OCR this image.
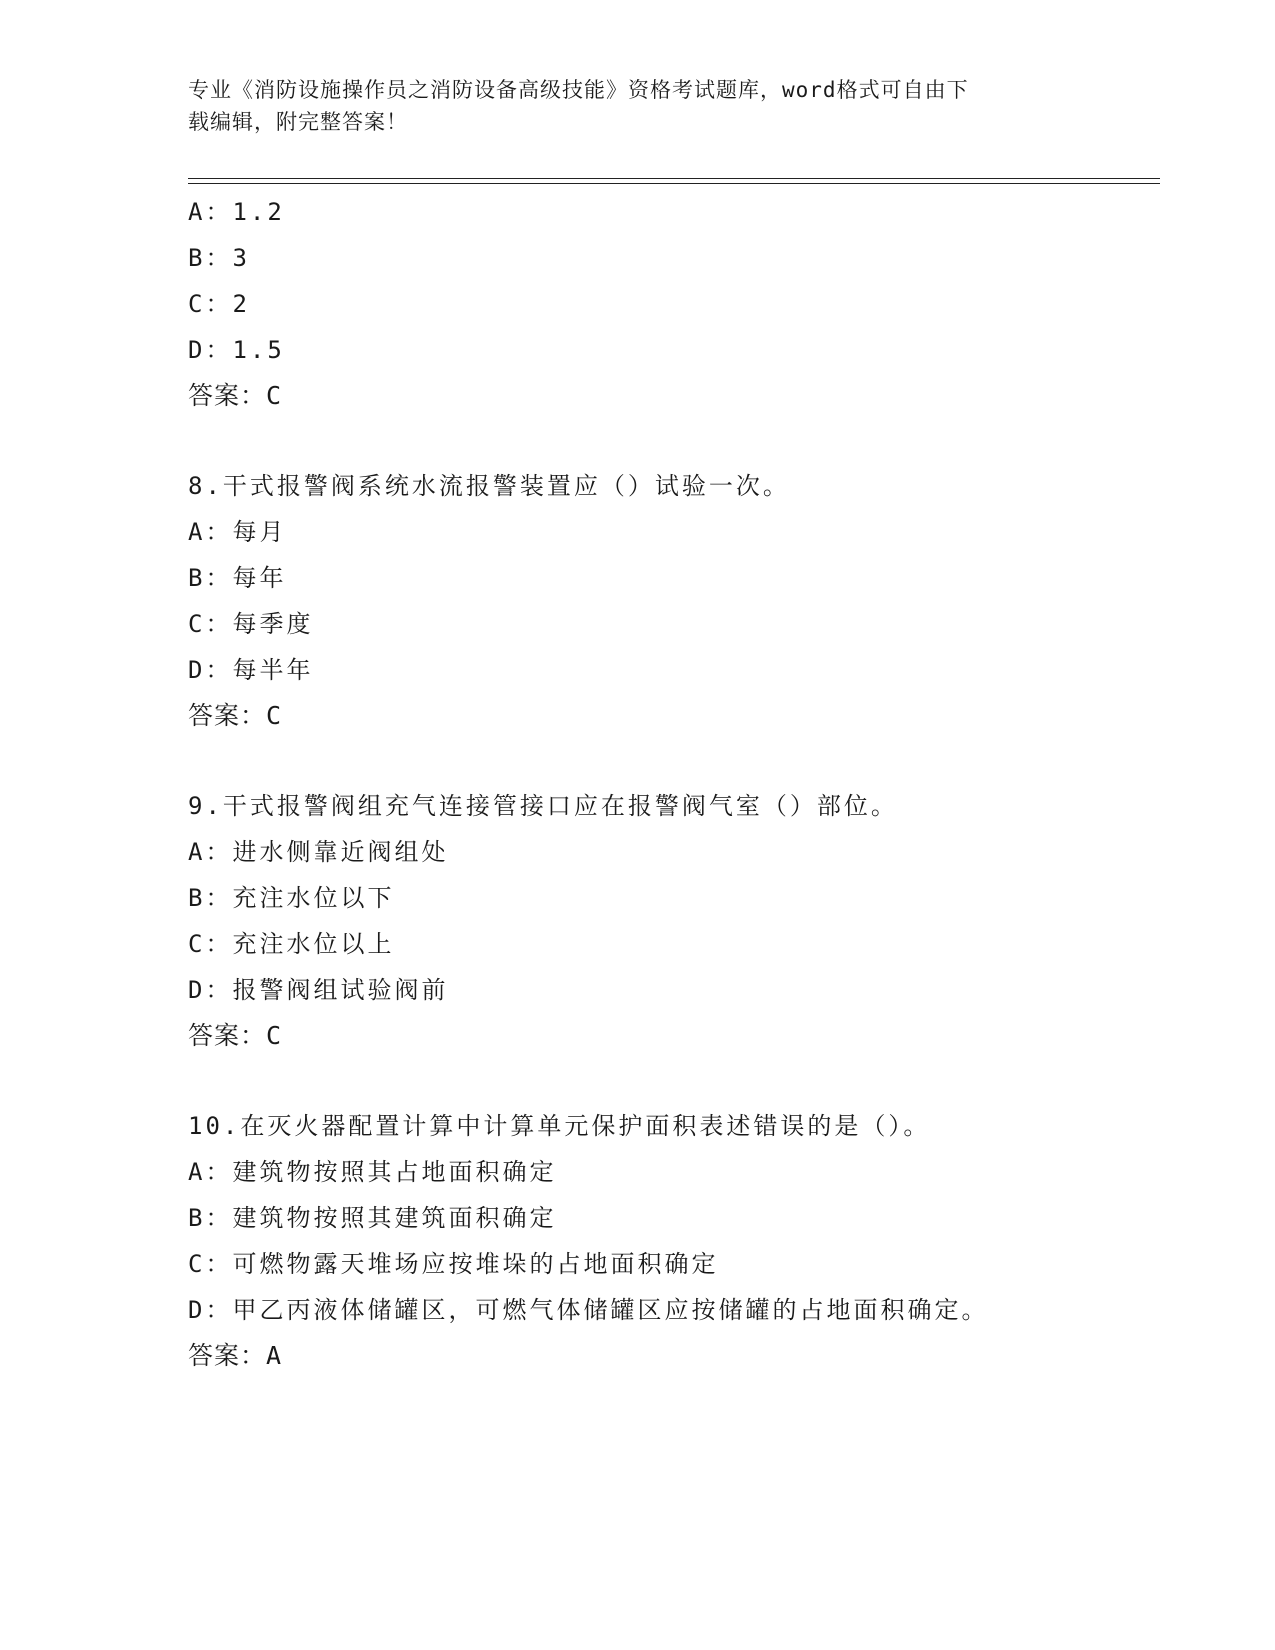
专业《消防设施操作员之消防设备高级技能》资格考试题库，word格式可自由下
载编辑，附完整答案！
A：1.2
B：3
C：2
D：1.5
答案：C
8.干式报警阀系统水流报警装置应（）试验一次。
A：每月
B：每年
C：每季度
D：每半年
答案：C
9.干式报警阀组充气连接管接口应在报警阀气室（）部位。
A：进水侧靠近阀组处
B：充注水位以下
C：充注水位以上
D：报警阀组试验阀前
答案：C
10.在灭火器配置计算中计算单元保护面积表述错误的是（）。
A：建筑物按照其占地面积确定
B：建筑物按照其建筑面积确定
C：可燃物露天堆场应按堆垛的占地面积确定
D：甲乙丙液体储罐区，可燃气体储罐区应按储罐的占地面积确定。
答案：A
